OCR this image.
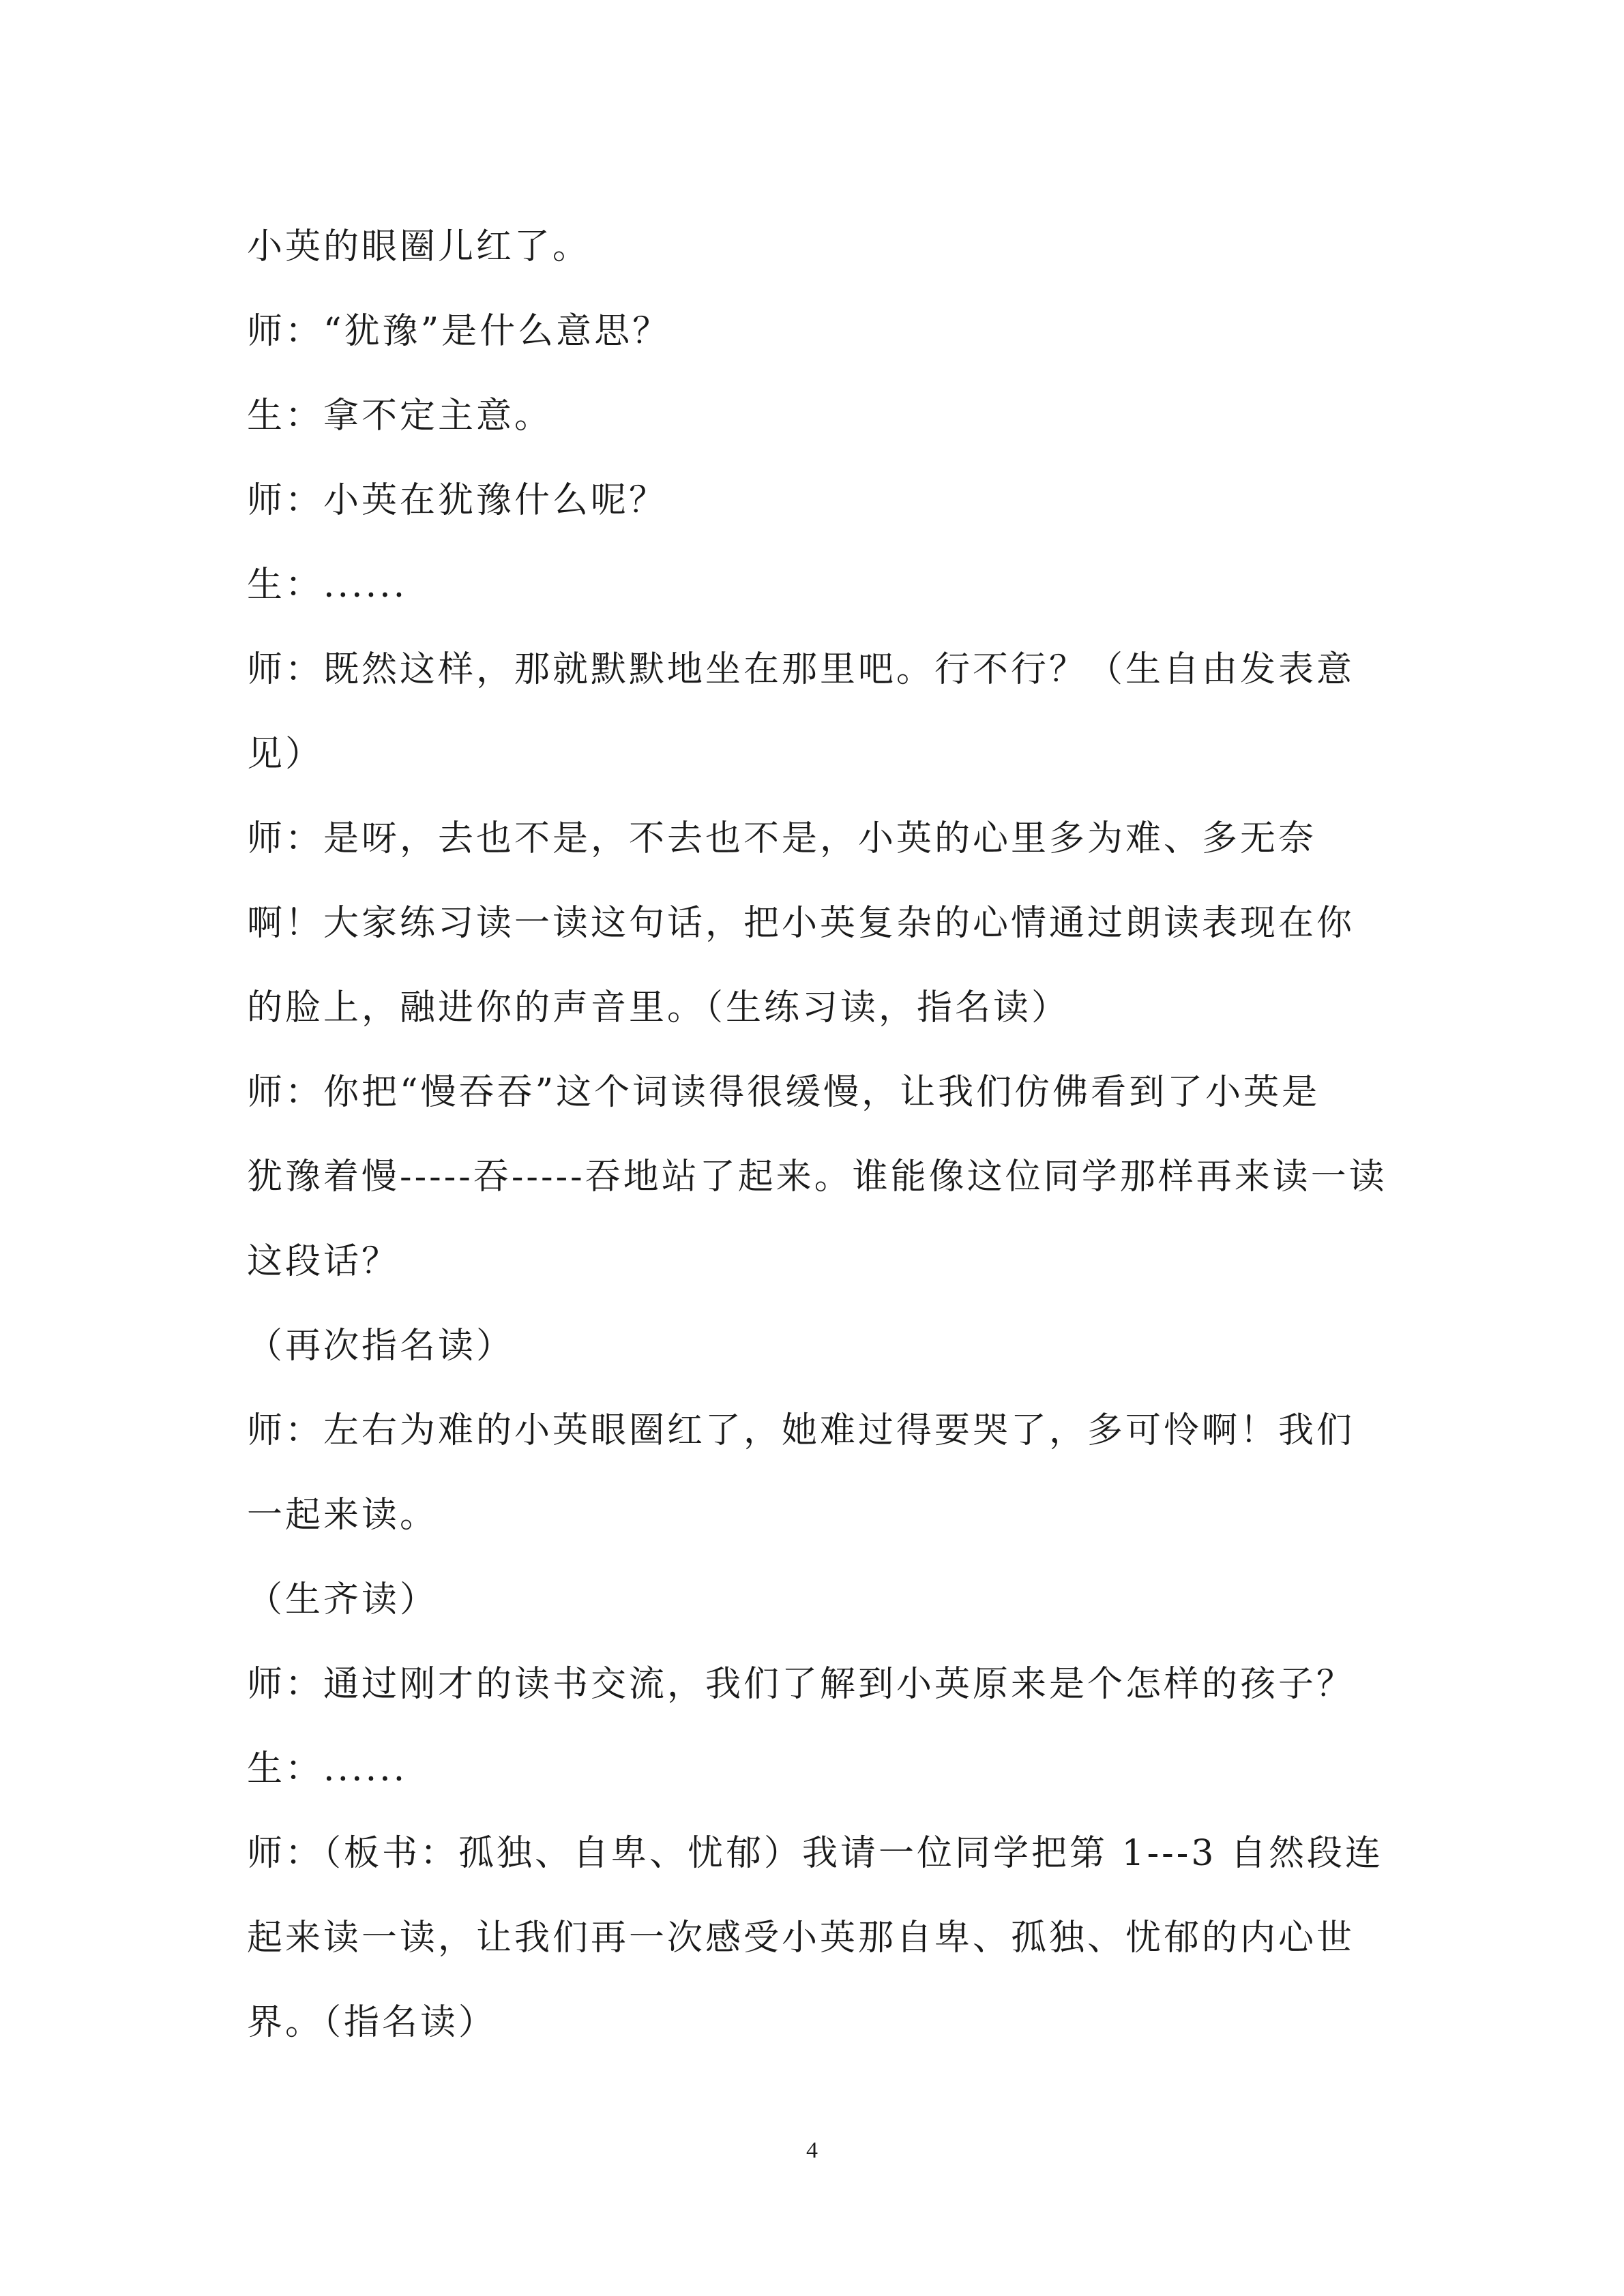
小英的眼圈儿红了。
师：“犹豫”是什么意思？
生：拿不定主意。
师：小英在犹豫什么呢？
生：......
师：既然这样，那就默默地坐在那里吧。行不行？（生自由发表意
见）
师：是呀，去也不是，不去也不是，小英的心里多为难、多无奈
啊！大家练习读一读这句话，把小英复杂的心情通过朗读表现在你
的脸上，融进你的声音里。（生练习读，指名读）
师：你把“慢吞吞”这个词读得很缓慢，让我们仿佛看到了小英是
犹豫着慢-----吞-----吞地站了起来。谁能像这位同学那样再来读一读
这段话？
（再次指名读）
师：左右为难的小英眼圈红了，她难过得要哭了，多可怜啊！我们
一起来读。
（生齐读）
师：通过刚才的读书交流，我们了解到小英原来是个怎样的孩子？
生：......
师：（板书：孤独、自卑、忧郁）我请一位同学把第 1---3 自然段连
起来读一读，让我们再一次感受小英那自卑、孤独、忧郁的内心世
界。（指名读）
4
